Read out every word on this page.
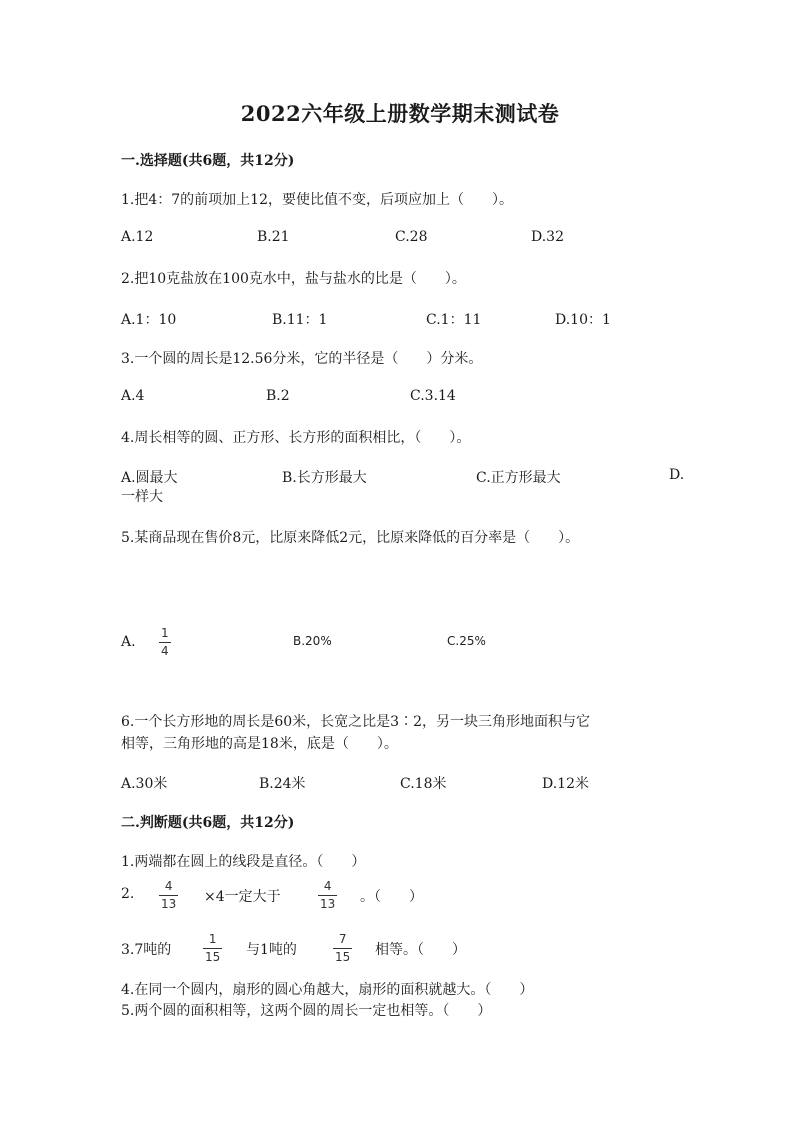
2022六年级上册数学期末测试卷
一.选择题(共6题，共12分)
1.把4：7的前项加上12，要使比值不变，后项应加上（　　）。
A.12	B.21	C.28	D.32
2.把10克盐放在100克水中，盐与盐水的比是（　　）。
A.1：10	B.11：1	C.1：11	D.10：1
3.一个圆的周长是12.56分米，它的半径是（　　）分米。
A.4	B.2	C.3.14
4.周长相等的圆、正方形、长方形的面积相比，（　　）。
A.圆最大	B.长方形最大	C.正方形最大	D.
一样大
5.某商品现在售价8元，比原来降低2元，比原来降低的百分率是（　　）。
A.
1
4
B.20%	C.25%
6.一个长方形地的周长是60米，长宽之比是3∶2，另一块三角形地面积与它
相等，三角形地的高是18米，底是（　　）。
A.30米	B.24米	C.18米	D.12米
二.判断题(共6题，共12分)
1.两端都在圆上的线段是直径。（　　）
2.	4
13 ×4一定大于
4
13 。（　　）
3.7吨的
1
15 与1吨的
7
15 相等。（　　）
4.在同一个圆内，扇形的圆心角越大，扇形的面积就越大。（　　）
5.两个圆的面积相等，这两个圆的周长一定也相等。（　　）
